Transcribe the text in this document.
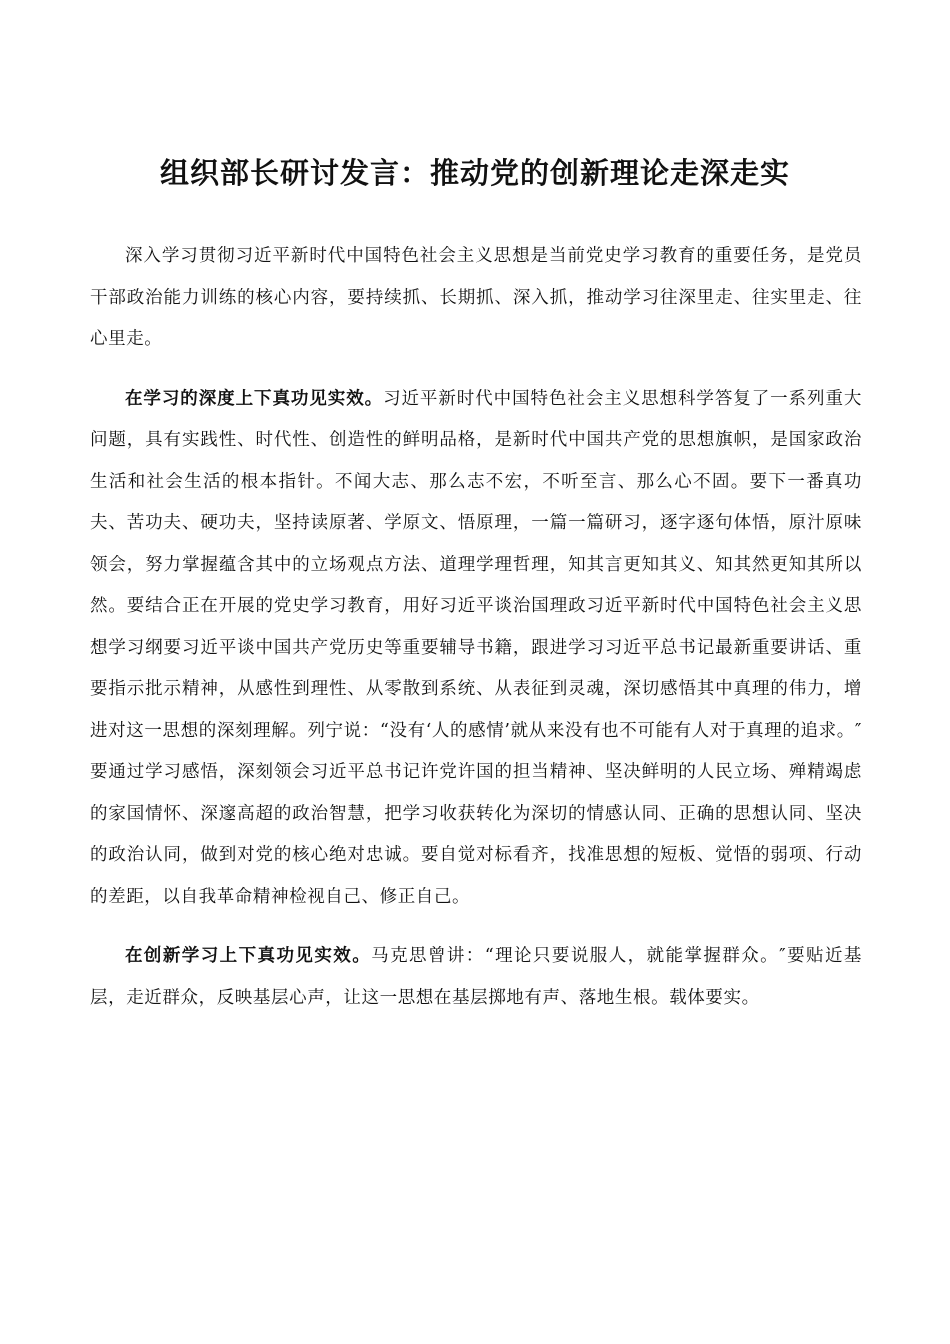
组织部长研讨发言：推动党的创新理论走深走实

深入学习贯彻习近平新时代中国特色社会主义思想是当前党史学习教育的重要任务，是党员干部政治能力训练的核心内容，要持续抓、长期抓、深入抓，推动学习往深里走、往实里走、往心里走。

在学习的深度上下真功见实效。习近平新时代中国特色社会主义思想科学答复了一系列重大问题，具有实践性、时代性、创造性的鲜明品格，是新时代中国共产党的思想旗帜，是国家政治生活和社会生活的根本指针。不闻大志、那么志不宏，不听至言、那么心不固。要下一番真功夫、苦功夫、硬功夫，坚持读原著、学原文、悟原理，一篇一篇研习，逐字逐句体悟，原汁原味领会，努力掌握蕴含其中的立场观点方法、道理学理哲理，知其言更知其义、知其然更知其所以然。要结合正在开展的党史学习教育，用好习近平谈治国理政习近平新时代中国特色社会主义思想学习纲要习近平谈中国共产党历史等重要辅导书籍，跟进学习习近平总书记最新重要讲话、重要指示批示精神，从感性到理性、从零散到系统、从表征到灵魂，深切感悟其中真理的伟力，增进对这一思想的深刻理解。列宁说：“没有‘人的感情’就从来没有也不可能有人对于真理的追求。″要通过学习感悟，深刻领会习近平总书记许党许国的担当精神、坚决鲜明的人民立场、殚精竭虑的家国情怀、深邃高超的政治智慧，把学习收获转化为深切的情感认同、正确的思想认同、坚决的政治认同，做到对党的核心绝对忠诚。要自觉对标看齐，找准思想的短板、觉悟的弱项、行动的差距，以自我革命精神检视自己、修正自己。

在创新学习上下真功见实效。马克思曾讲：“理论只要说服人，就能掌握群众。″要贴近基层，走近群众，反映基层心声，让这一思想在基层掷地有声、落地生根。载体要实。
